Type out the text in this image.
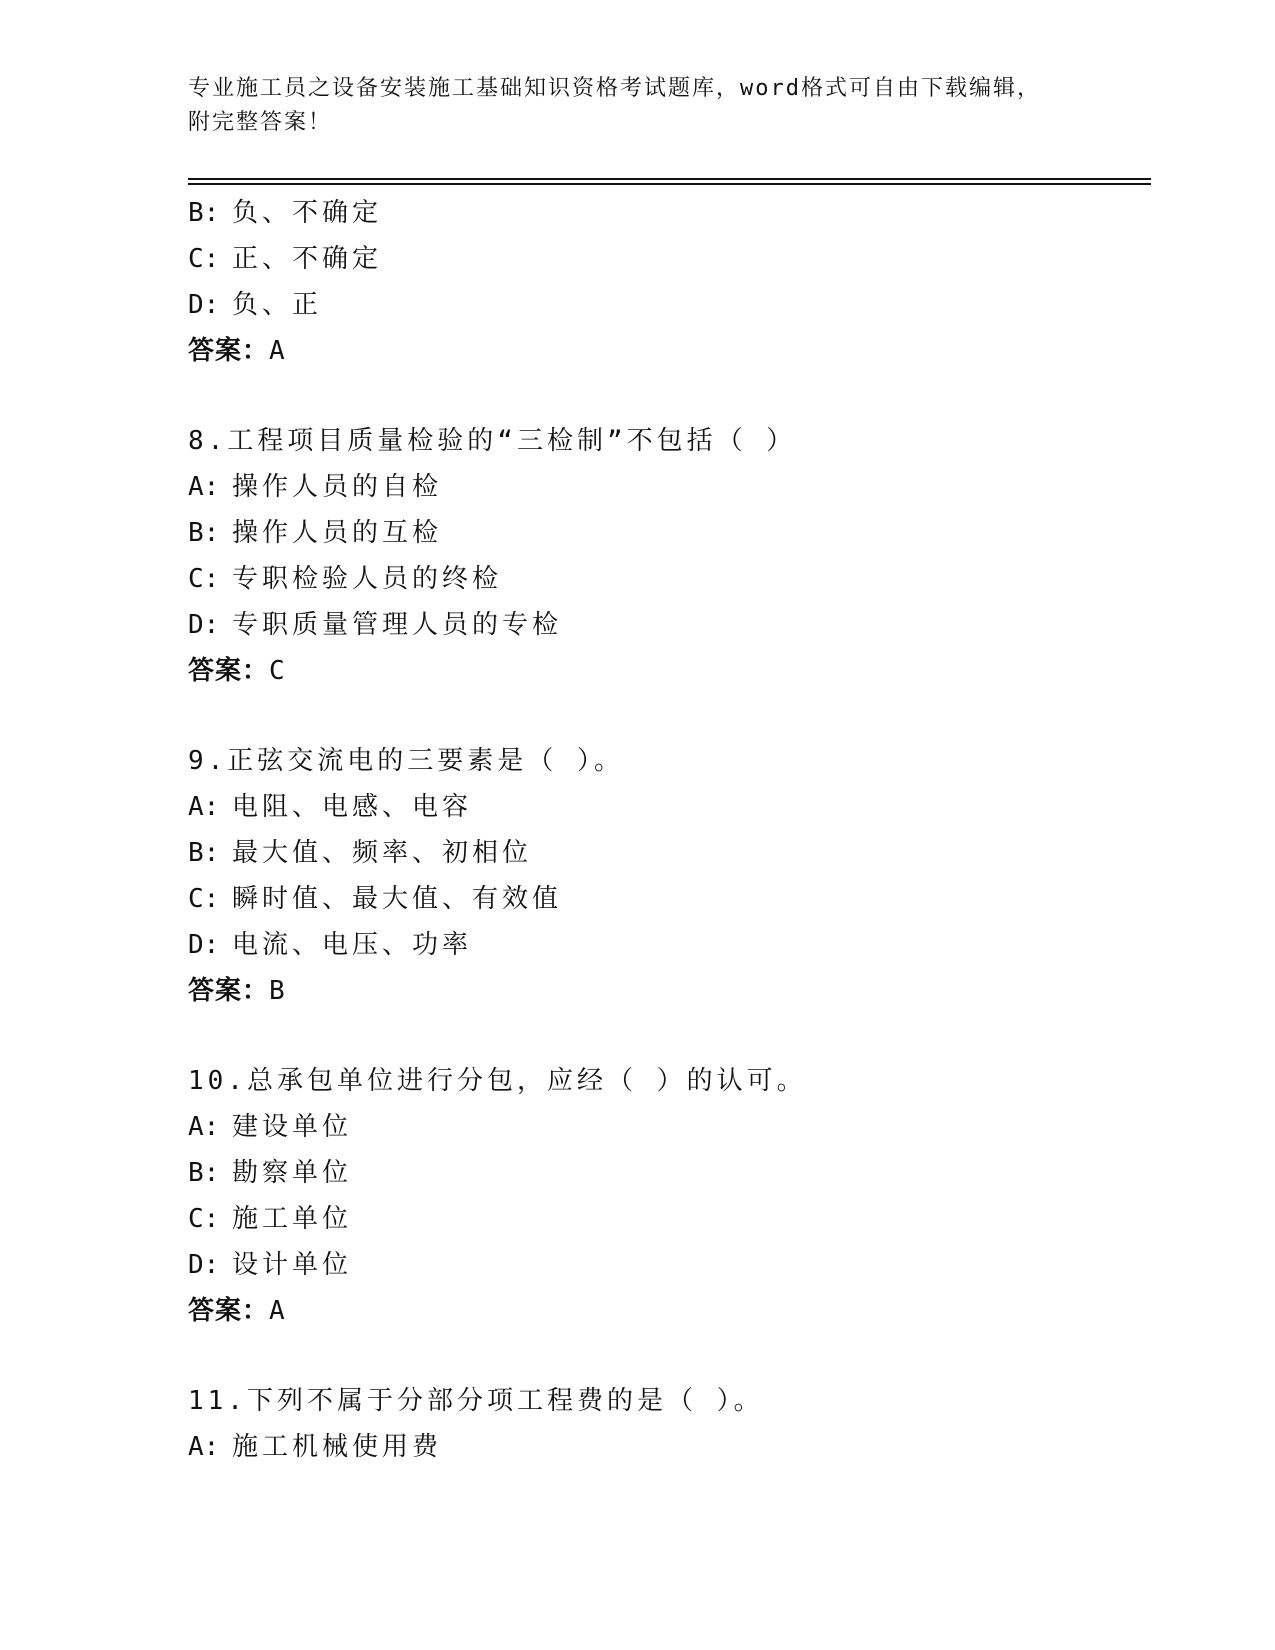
专业施工员之设备安装施工基础知识资格考试题库，word格式可自由下载编辑，
附完整答案！
B: 负、不确定
C: 正、不确定
D: 负、正
答案：A
8.工程项目质量检验的“三检制”不包括（ ）
A: 操作人员的自检
B: 操作人员的互检
C: 专职检验人员的终检
D: 专职质量管理人员的专检
答案：C
9.正弦交流电的三要素是（ ）。
A: 电阻、电感、电容
B: 最大值、频率、初相位
C: 瞬时值、最大值、有效值
D: 电流、电压、功率
答案：B
10.总承包单位进行分包，应经（ ）的认可。
A: 建设单位
B: 勘察单位
C: 施工单位
D: 设计单位
答案：A
11.下列不属于分部分项工程费的是（ ）。
A: 施工机械使用费
